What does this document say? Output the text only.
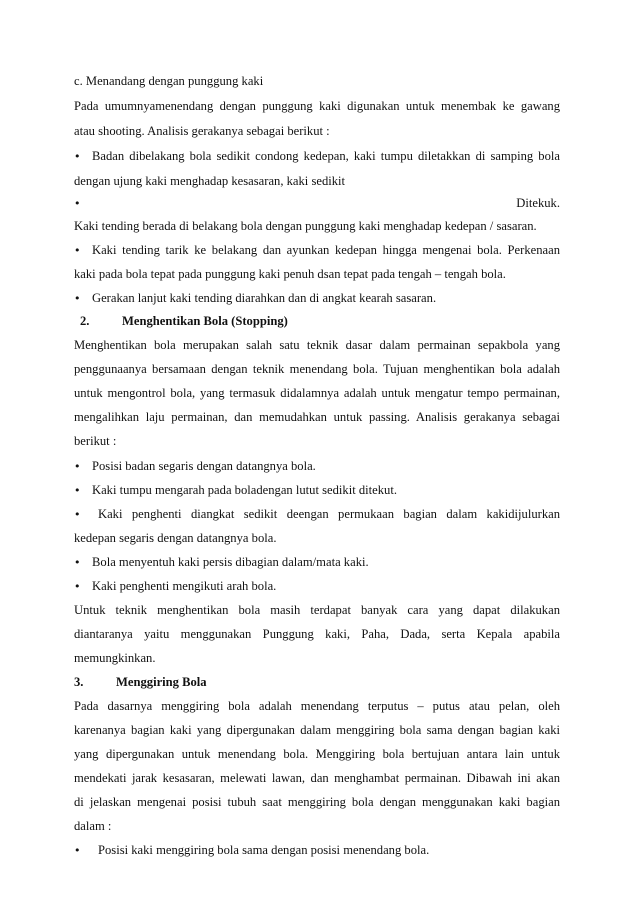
c. Menandang dengan punggung kaki
Pada umumnyamenendang dengan punggung kaki digunakan untuk menembak ke gawang
atau shooting. Analisis gerakanya sebagai berikut :
•Badan dibelakang bola sedikit condong kedepan, kaki tumpu diletakkan di samping bola
dengan ujung kaki menghadap kesasaran, kaki sedikit
•
Ditekuk.
Kaki tending berada di belakang bola dengan punggung kaki menghadap kedepan / sasaran.
•Kaki tending tarik ke belakang dan ayunkan kedepan hingga mengenai bola. Perkenaan
kaki pada bola tepat pada punggung kaki penuh dsan tepat pada tengah – tengah bola.
•Gerakan lanjut kaki tending diarahkan dan di angkat kearah sasaran.
2.	Menghentikan Bola (Stopping)
Menghentikan bola merupakan salah satu teknik dasar dalam permainan sepakbola yang
penggunaanya bersamaan dengan teknik menendang bola. Tujuan menghentikan bola adalah
untuk mengontrol bola, yang termasuk didalamnya adalah untuk mengatur tempo permainan,
mengalihkan laju permainan, dan memudahkan untuk passing. Analisis gerakanya sebagai
berikut :
•Posisi badan segaris dengan datangnya bola.
•Kaki tumpu mengarah pada boladengan lutut sedikit ditekut.
•Kaki penghenti diangkat sedikit deengan permukaan bagian dalam kakidijulurkan
kedepan segaris dengan datangnya bola.
•Bola menyentuh kaki persis dibagian dalam/mata kaki.
•Kaki penghenti mengikuti arah bola.
Untuk teknik menghentikan bola masih terdapat banyak cara yang dapat dilakukan
diantaranya yaitu menggunakan Punggung kaki, Paha, Dada, serta Kepala apabila
memungkinkan.
3.	Menggiring Bola
Pada dasarnya menggiring bola adalah menendang terputus – putus atau pelan, oleh
karenanya bagian kaki yang dipergunakan dalam menggiring bola sama dengan bagian kaki
yang dipergunakan untuk menendang bola. Menggiring bola bertujuan antara lain untuk
mendekati jarak kesasaran, melewati lawan, dan menghambat permainan. Dibawah ini akan
di jelaskan mengenai posisi tubuh saat menggiring bola dengan menggunakan kaki bagian
dalam :
•Posisi kaki menggiring bola sama dengan posisi menendang bola.
